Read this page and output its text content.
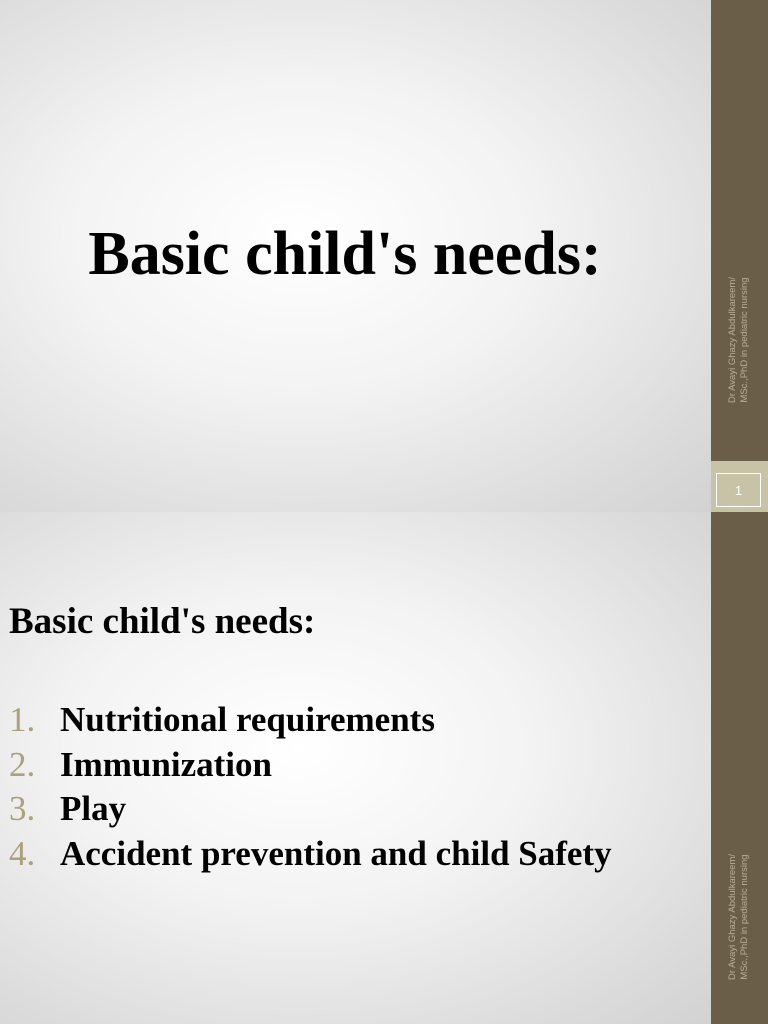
Dr Avayi Ghazy Abdulkareem/ MSc.,PhD in pediatric nursing
1
Basic child's needs:
Dr Avayi Ghazy Abdulkareem/ MSc.,PhD in pediatric nursing
Basic child's needs:
1. Nutritional requirements
2. Immunization
3. Play
4. Accident prevention and child Safety
